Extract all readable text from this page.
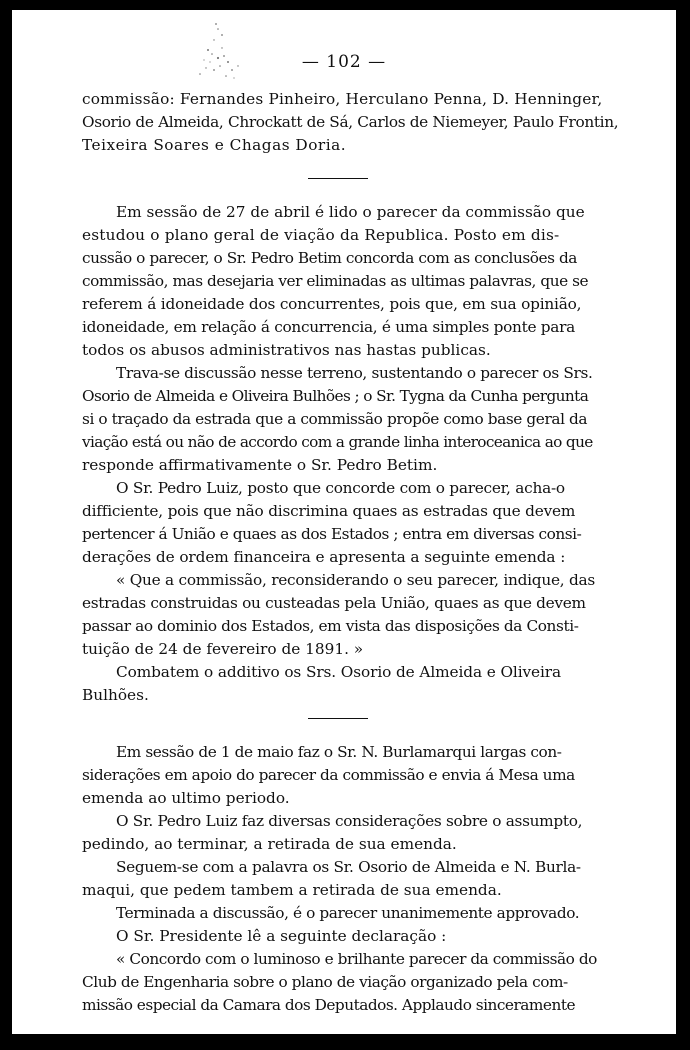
— 102 —
commissão: Fernandes Pinheiro, Herculano Penna, D. Henninger,
Osorio de Almeida, Chrockatt de Sá, Carlos de Niemeyer, Paulo Frontin,
Teixeira Soares e Chagas Doria.
Em sessão de 27 de abril é lido o parecer da commissão que
estudou o plano geral de viação da Republica. Posto em dis-
cussão o parecer, o Sr. Pedro Betim concorda com as conclusões da
commissão, mas desejaria ver eliminadas as ultimas palavras, que se
referem á idoneidade dos concurrentes, pois que, em sua opinião,
idoneidade, em relação á concurrencia, é uma simples ponte para
todos os abusos administrativos nas hastas publicas.
Trava-se discussão nesse terreno, sustentando o parecer os Srs.
Osorio de Almeida e Oliveira Bulhões ; o Sr. Tygna da Cunha pergunta
si o traçado da estrada que a commissão propõe como base geral da
viação está ou não de accordo com a grande linha interoceanica ao que
responde affirmativamente o Sr. Pedro Betim.
O Sr. Pedro Luiz, posto que concorde com o parecer, acha-o
difficiente, pois que não discrimina quaes as estradas que devem
pertencer á União e quaes as dos Estados ; entra em diversas consi-
derações de ordem financeira e apresenta a seguinte emenda :
« Que a commissão, reconsiderando o seu parecer, indique, das
estradas construidas ou custeadas pela União, quaes as que devem
passar ao dominio dos Estados, em vista das disposições da Consti-
tuição de 24 de fevereiro de 1891. »
Combatem o additivo os Srs. Osorio de Almeida e Oliveira
Bulhões.
Em sessão de 1 de maio faz o Sr. N. Burlamarqui largas con-
siderações em apoio do parecer da commissão e envia á Mesa uma
emenda ao ultimo periodo.
O Sr. Pedro Luiz faz diversas considerações sobre o assumpto,
pedindo, ao terminar, a retirada de sua emenda.
Seguem-se com a palavra os Sr. Osorio de Almeida e N. Burla-
maqui, que pedem tambem a retirada de sua emenda.
Terminada a discussão, é o parecer unanimemente approvado.
O Sr. Presidente lê a seguinte declaração :
« Concordo com o luminoso e brilhante parecer da commissão do
Club de Engenharia sobre o plano de viação organizado pela com-
missão especial da Camara dos Deputados. Applaudo sinceramente
